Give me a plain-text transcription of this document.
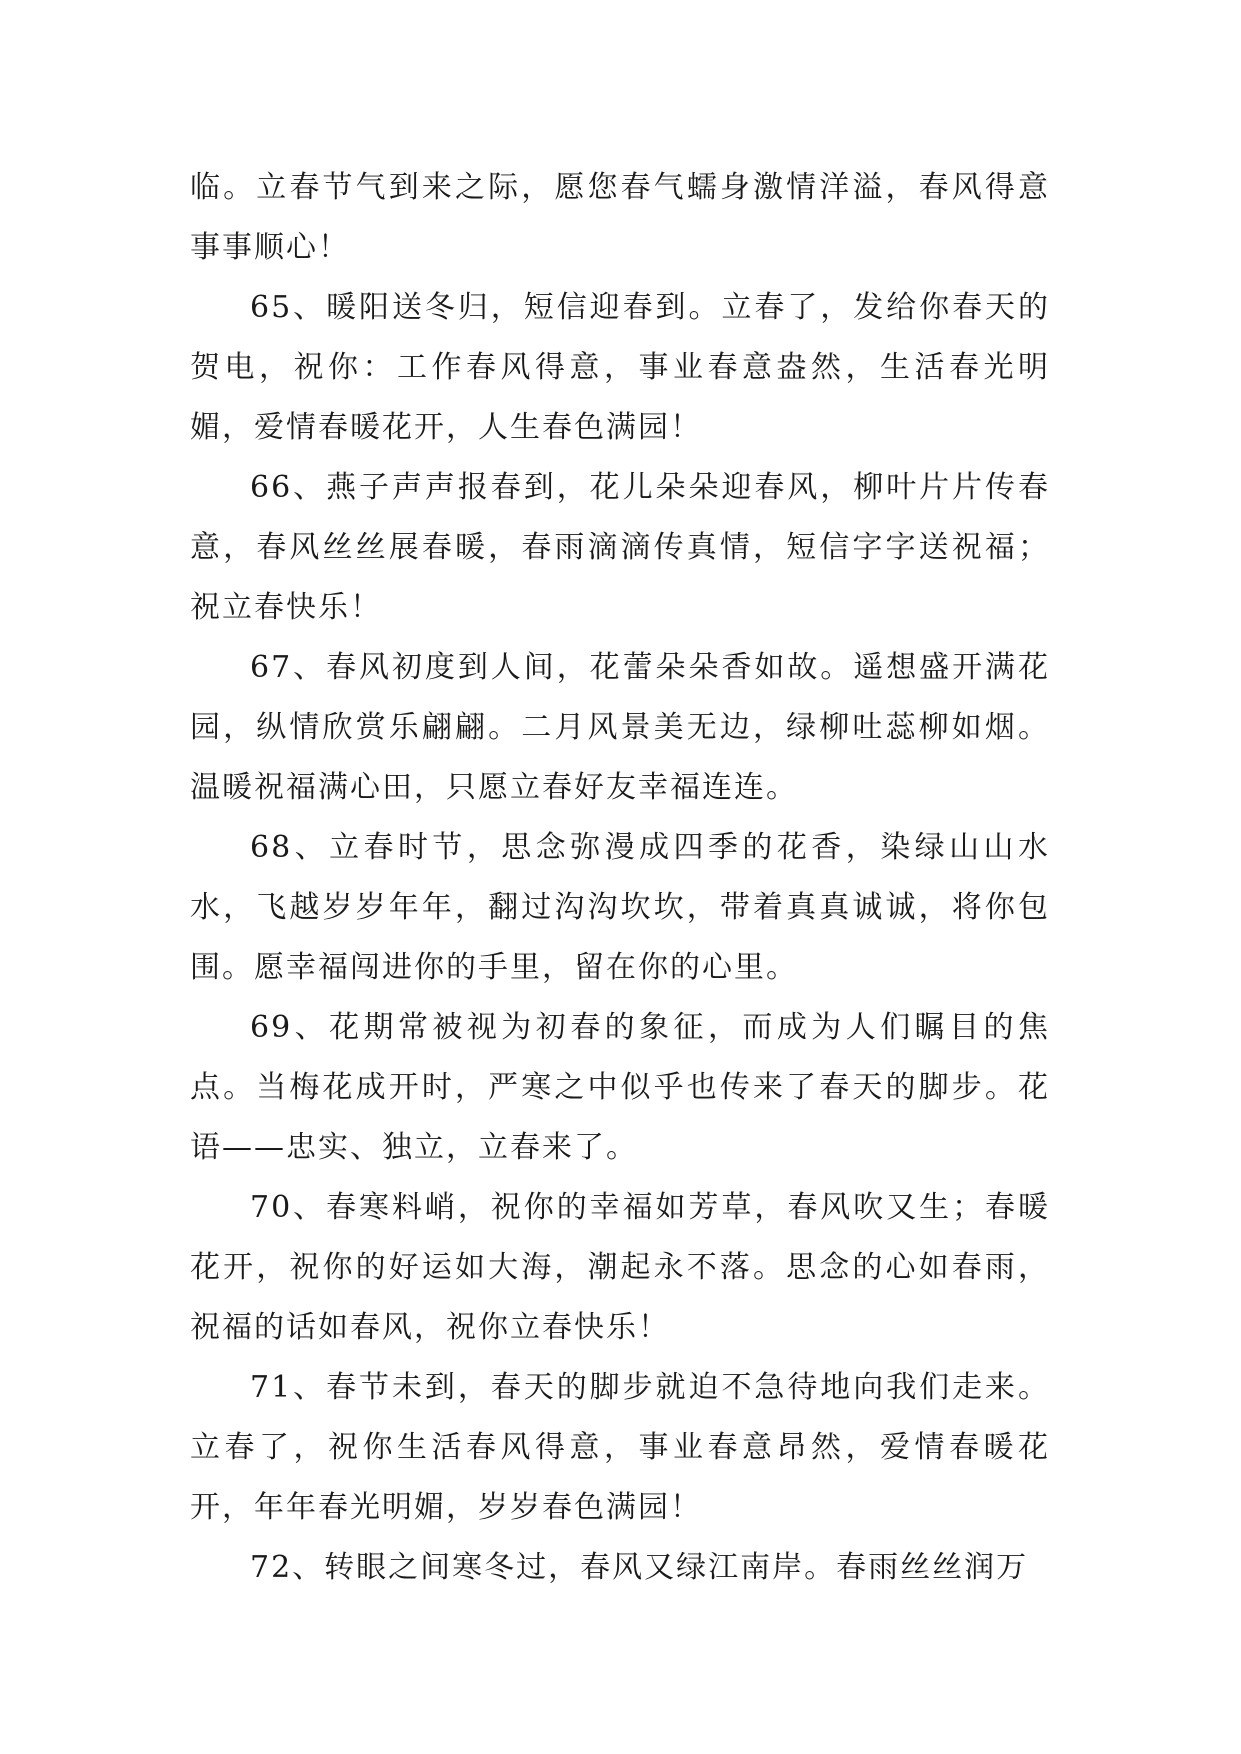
临。立春节气到来之际，愿您春气蠕身激情洋溢，春风得意事事顺心！

65、暖阳送冬归，短信迎春到。立春了，发给你春天的贺电，祝你：工作春风得意，事业春意盎然，生活春光明媚，爱情春暖花开，人生春色满园！

66、燕子声声报春到，花儿朵朵迎春风，柳叶片片传春意，春风丝丝展春暖，春雨滴滴传真情，短信字字送祝福；祝立春快乐！

67、春风初度到人间，花蕾朵朵香如故。遥想盛开满花园，纵情欣赏乐翩翩。二月风景美无边，绿柳吐蕊柳如烟。温暖祝福满心田，只愿立春好友幸福连连。

68、立春时节，思念弥漫成四季的花香，染绿山山水水，飞越岁岁年年，翻过沟沟坎坎，带着真真诚诚，将你包围。愿幸福闯进你的手里，留在你的心里。

69、花期常被视为初春的象征，而成为人们瞩目的焦点。当梅花成开时，严寒之中似乎也传来了春天的脚步。花语——忠实、独立，立春来了。

70、春寒料峭，祝你的幸福如芳草，春风吹又生；春暖花开，祝你的好运如大海，潮起永不落。思念的心如春雨，祝福的话如春风，祝你立春快乐！

71、春节未到，春天的脚步就迫不急待地向我们走来。立春了，祝你生活春风得意，事业春意昂然，爱情春暖花开，年年春光明媚，岁岁春色满园！

72、转眼之间寒冬过，春风又绿江南岸。春雨丝丝润万
